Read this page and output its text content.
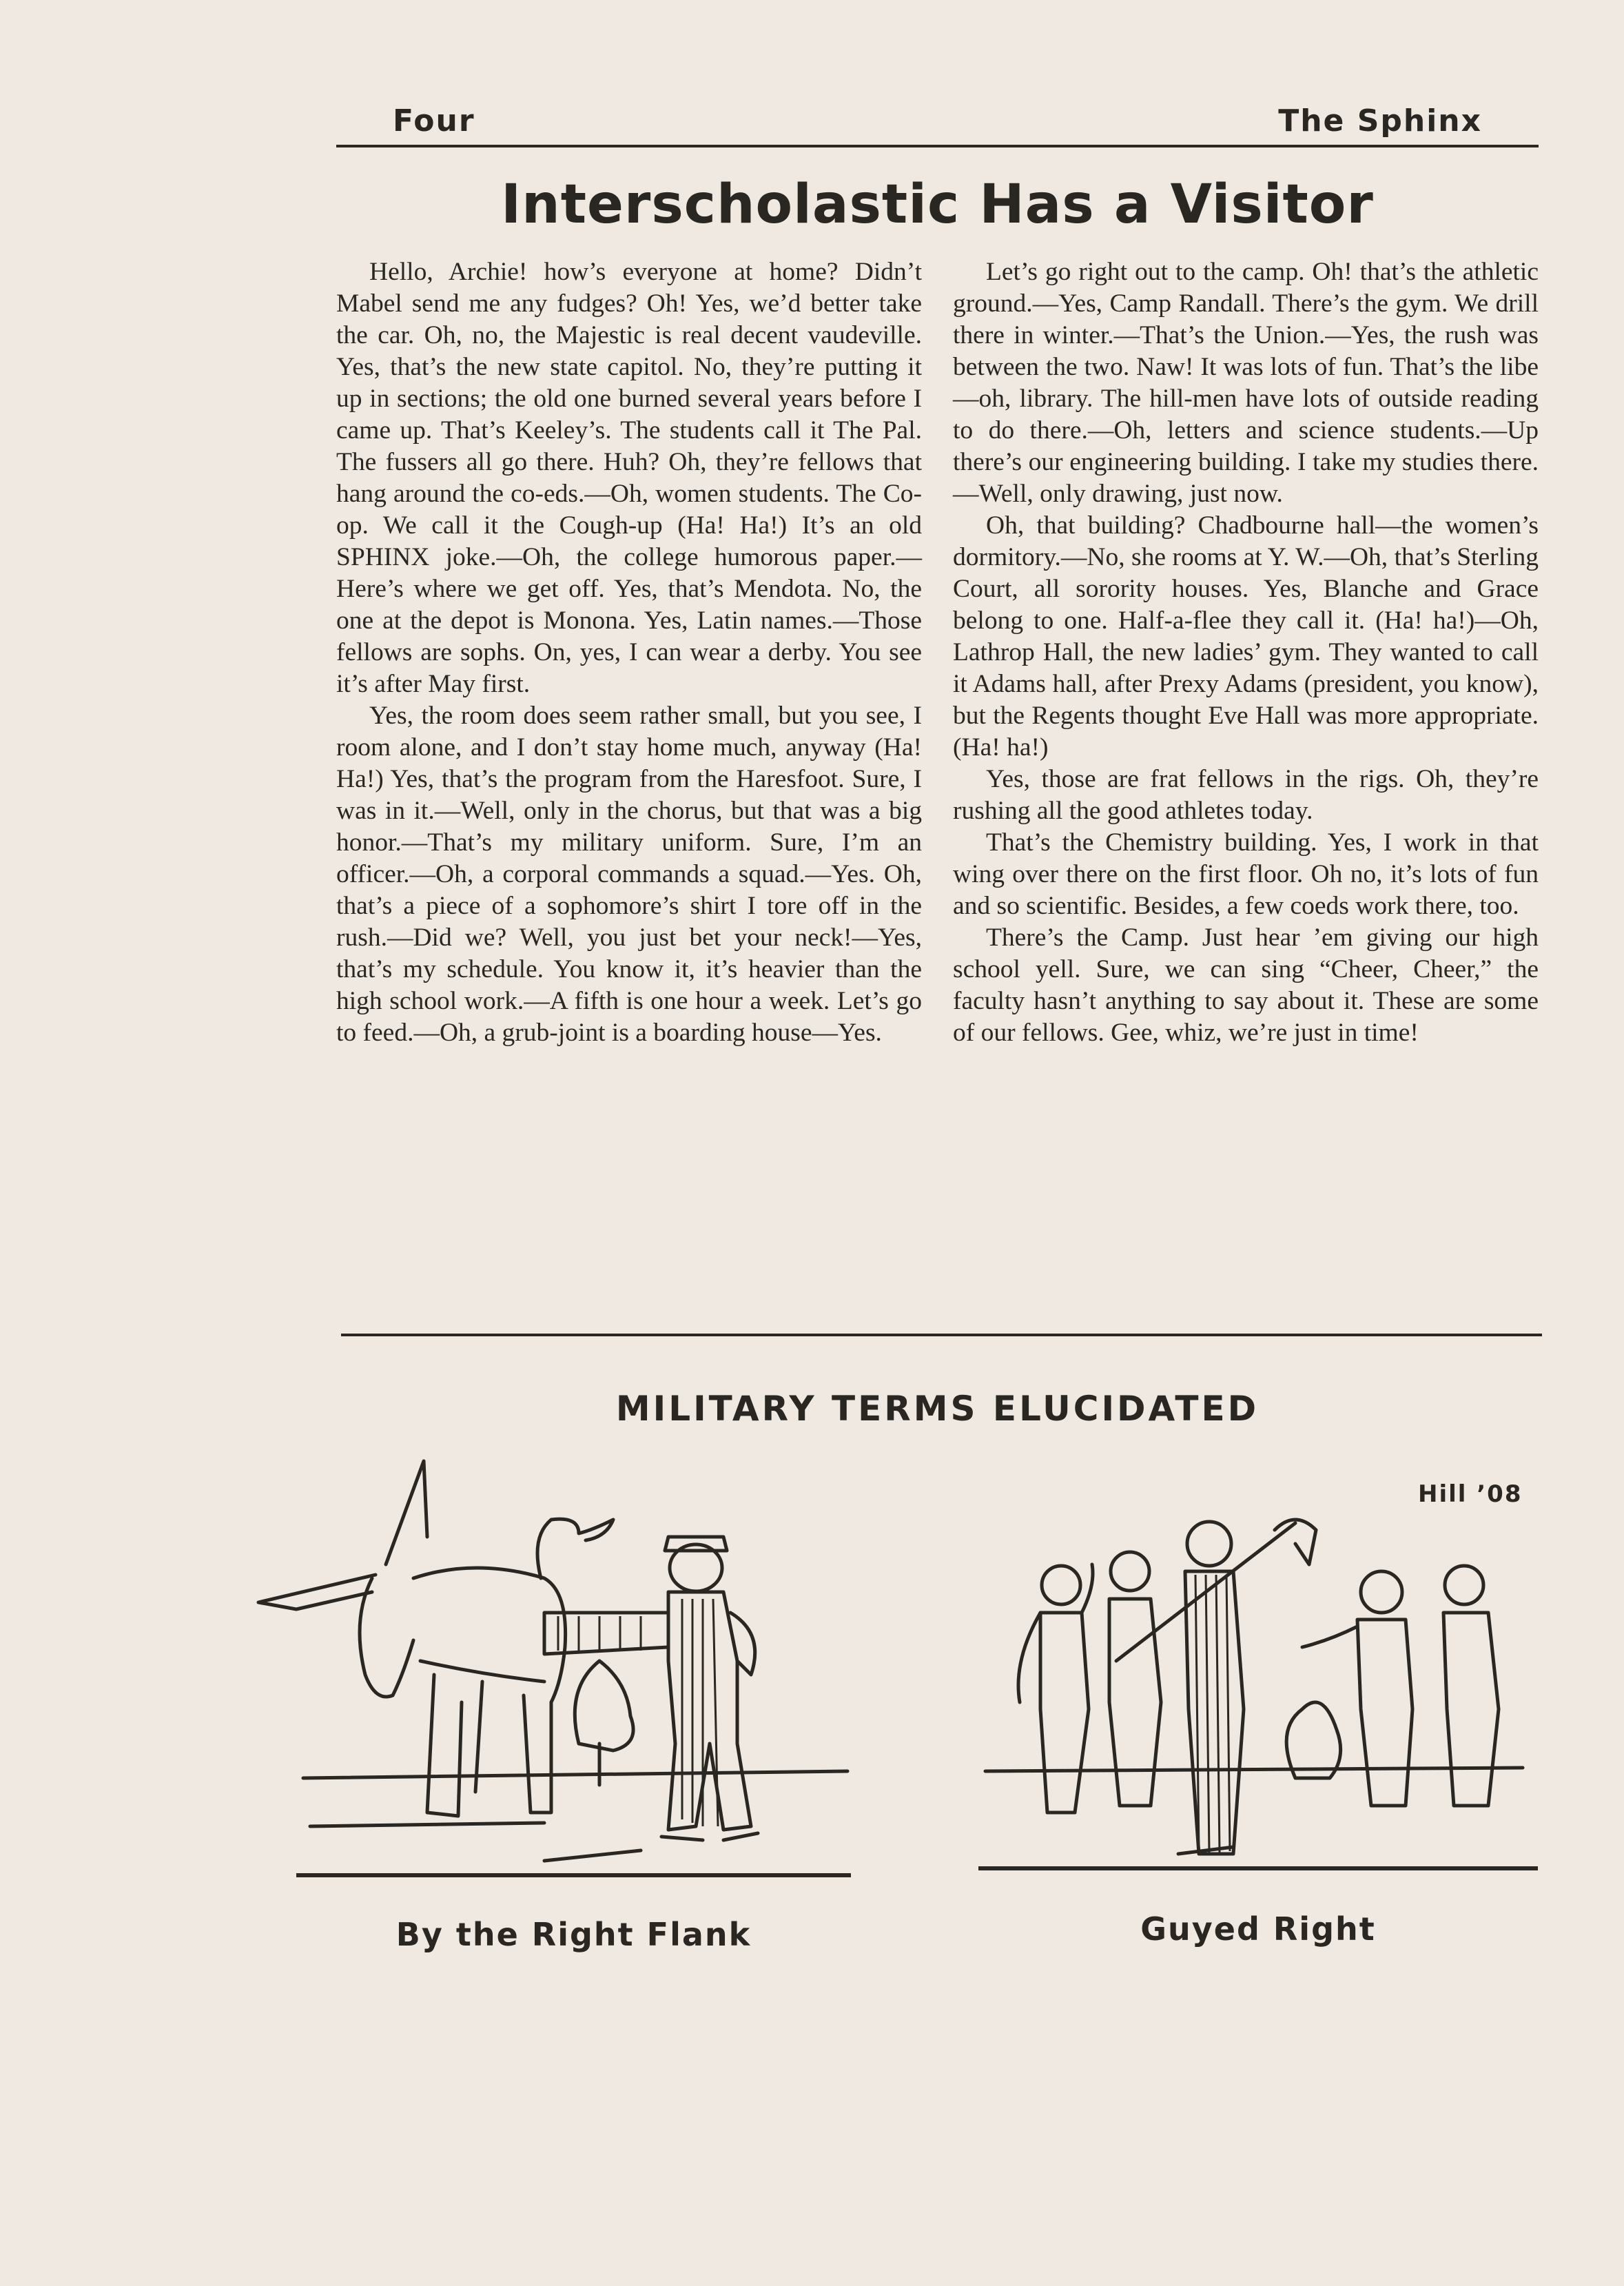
Four	The Sphinx
Interscholastic Has a Visitor

Hello, Archie! how’s everyone at home? Didn’t Mabel send me any fudges? Oh! Yes, we’d better take the car. Oh, no, the Majestic is real decent vaudeville. Yes, that’s the new state capitol. No, they’re putting it up in sections; the old one burned several years before I came up. That’s Keeley’s. The students call it The Pal. The fussers all go there. Huh? Oh, they’re fellows that hang around the co-eds.—Oh, women students. The Co-op. We call it the Cough-up (Ha! Ha!) It’s an old SPHINX joke.—Oh, the college humorous paper.—Here’s where we get off. Yes, that’s Mendota. No, the one at the depot is Monona. Yes, Latin names.—Those fellows are sophs. On, yes, I can wear a derby. You see it’s after May first.

Yes, the room does seem rather small, but you see, I room alone, and I don’t stay home much, anyway (Ha! Ha!) Yes, that’s the program from the Haresfoot. Sure, I was in it.—Well, only in the chorus, but that was a big honor.—That’s my military uniform. Sure, I’m an officer.—Oh, a corporal commands a squad.—Yes. Oh, that’s a piece of a sophomore’s shirt I tore off in the rush.—Did we? Well, you just bet your neck!—Yes, that’s my schedule. You know it, it’s heavier than the high school work.—A fifth is one hour a week. Let’s go to feed.—Oh, a grub-joint is a boarding house—Yes.

Let’s go right out to the camp. Oh! that’s the athletic ground.—Yes, Camp Randall. There’s the gym. We drill there in winter.—That’s the Union.—Yes, the rush was between the two. Naw! It was lots of fun. That’s the libe—oh, library. The hill-men have lots of outside reading to do there.—Oh, letters and science students.—Up there’s our engineering building. I take my studies there.—Well, only drawing, just now.

Oh, that building? Chadbourne hall—the women’s dormitory.—No, she rooms at Y. W.—Oh, that’s Sterling Court, all sorority houses. Yes, Blanche and Grace belong to one. Half-a-flee they call it. (Ha! ha!)—Oh, Lathrop Hall, the new ladies’ gym. They wanted to call it Adams hall, after Prexy Adams (president, you know), but the Regents thought Eve Hall was more appropriate. (Ha! ha!)

Yes, those are frat fellows in the rigs. Oh, they’re rushing all the good athletes today.

That’s the Chemistry building. Yes, I work in that wing over there on the first floor. Oh no, it’s lots of fun and so scientific. Besides, a few coeds work there, too.

There’s the Camp. Just hear ’em giving our high school yell. Sure, we can sing “Cheer, Cheer,” the faculty hasn’t anything to say about it. These are some of our fellows. Gee, whiz, we’re just in time!

MILITARY TERMS ELUCIDATED
By the Right Flank
Hill ’08
Guyed Right
